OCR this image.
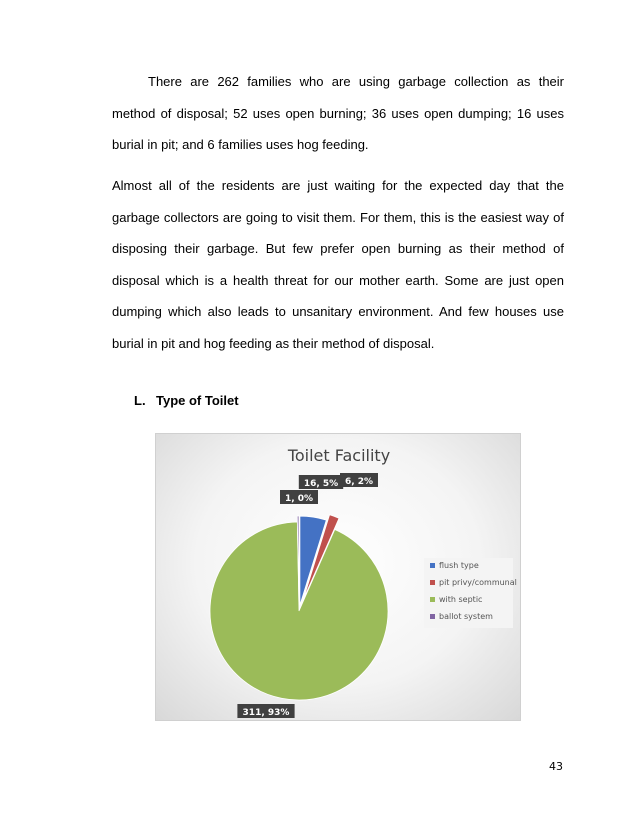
There are 262 families who are using garbage collection as their method of disposal; 52 uses open burning; 36 uses open dumping; 16 uses burial in pit; and 6 families uses hog feeding.

Almost all of the residents are just waiting for the expected day that the garbage collectors are going to visit them. For them, this is the easiest way of disposing their garbage. But few prefer open burning as their method of disposal which is a health threat for our mother earth. Some are just open dumping which also leads to unsanitary environment. And few houses use burial in pit and hog feeding as their method of disposal.

L. Type of Toilet
Toilet Facility
16, 5% 6, 2%
311, 93%
1, 0%
flush type
pit privy/communal
with septic
ballot system
43
